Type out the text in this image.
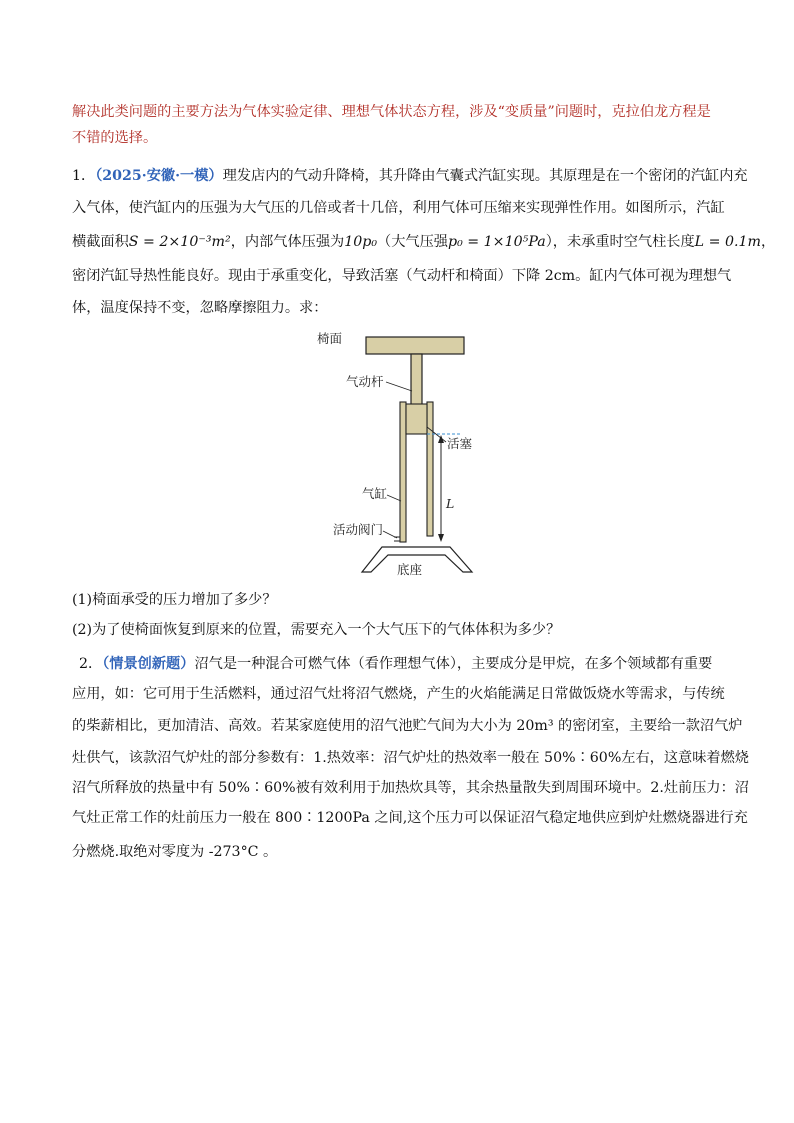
解决此类问题的主要方法为气体实验定律、理想气体状态方程，涉及“变质量”问题时，克拉伯龙方程是
不错的选择。
1．（2025·安徽·一模）理发店内的气动升降椅，其升降由气囊式汽缸实现。其原理是在一个密闭的汽缸内充
入气体，使汽缸内的压强为大气压的几倍或者十几倍，利用气体可压缩来实现弹性作用。如图所示，汽缸
横截面积S = 2×10⁻³m²，内部气体压强为10p₀（大气压强p₀ = 1×10⁵Pa），未承重时空气柱长度L = 0.1m，
密闭汽缸导热性能良好。现由于承重变化，导致活塞（气动杆和椅面）下降 2cm。缸内气体可视为理想气
体，温度保持不变，忽略摩擦阻力。求：
L
椅面
气动杆
活塞
气缸
活动阀门
底座
(1)椅面承受的压力增加了多少？
(2)为了使椅面恢复到原来的位置，需要充入一个大气压下的气体体积为多少？
2．（情景创新题）沼气是一种混合可燃气体（看作理想气体），主要成分是甲烷，在多个领域都有重要
应用，如：它可用于生活燃料，通过沼气灶将沼气燃烧，产生的火焰能满足日常做饭烧水等需求，与传统
的柴薪相比，更加清洁、高效。若某家庭使用的沼气池贮气间为大小为 20m³ 的密闭室，主要给一款沼气炉
灶供气，该款沼气炉灶的部分参数有：1.热效率：沼气炉灶的热效率一般在 50%∶60%左右，这意味着燃烧
沼气所释放的热量中有 50%∶60%被有效利用于加热炊具等，其余热量散失到周围环境中。2.灶前压力：沼
气灶正常工作的灶前压力一般在 800∶1200Pa 之间,这个压力可以保证沼气稳定地供应到炉灶燃烧器进行充
分燃烧.取绝对零度为 -273°C 。
